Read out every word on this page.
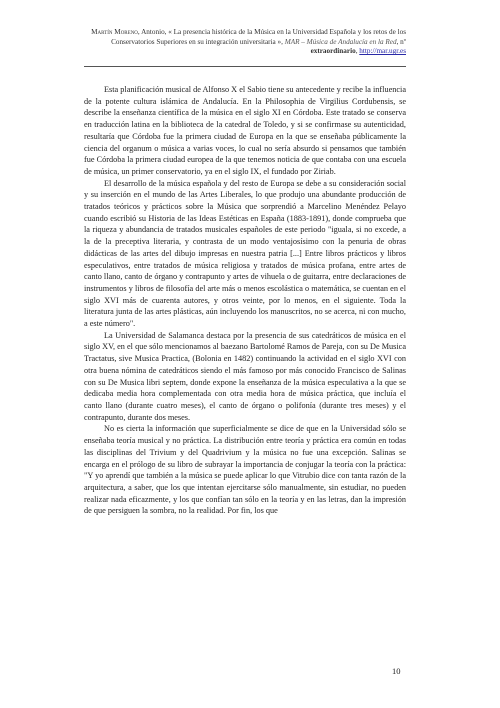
Martín Moreno, Antonio, « La presencia histórica de la Música en la Universidad Española y los retos de los Conservatorios Superiores en su integración universitaria », MAR – Música de Andalucía en la Red, nº extraordinario, http://mar.ugr.es

Esta planificación musical de Alfonso X el Sabio tiene su antecedente y recibe la influencia de la potente cultura islámica de Andalucía. En la Philosophia de Virgilius Cordubensis, se describe la enseñanza científica de la música en el siglo XI en Córdoba. Este tratado se conserva en traducción latina en la biblioteca de la catedral de Toledo, y si se confirmase su autenticidad, resultaría que Córdoba fue la primera ciudad de Europa en la que se enseñaba públicamente la ciencia del organum o música a varias voces, lo cual no sería absurdo si pensamos que también fue Córdoba la primera ciudad europea de la que tenemos noticia de que contaba con una escuela de música, un primer conservatorio, ya en el siglo IX, el fundado por Ziriab.

El desarrollo de la música española y del resto de Europa se debe a su consideración social y su inserción en el mundo de las Artes Liberales, lo que produjo una abundante producción de tratados teóricos y prácticos sobre la Música que sorprendió a Marcelino Menéndez Pelayo cuando escribió su Historia de las Ideas Estéticas en España (1883-1891), donde comprueba que la riqueza y abundancia de tratados musicales españoles de este periodo "iguala, si no excede, a la de la preceptiva literaria, y contrasta de un modo ventajosísimo con la penuria de obras didácticas de las artes del dibujo impresas en nuestra patria [...] Entre libros prácticos y libros especulativos, entre tratados de música religiosa y tratados de música profana, entre artes de canto llano, canto de órgano y contrapunto y artes de vihuela o de guitarra, entre declaraciones de instrumentos y libros de filosofía del arte más o menos escolástica o matemática, se cuentan en el siglo XVI más de cuarenta autores, y otros veinte, por lo menos, en el siguiente. Toda la literatura junta de las artes plásticas, aún incluyendo los manuscritos, no se acerca, ni con mucho, a este número".

La Universidad de Salamanca destaca por la presencia de sus catedráticos de música en el siglo XV, en el que sólo mencionamos al baezano Bartolomé Ramos de Pareja, con su De Musica Tractatus, sive Musica Practica, (Bolonia en 1482) continuando la actividad en el siglo XVI con otra buena nómina de catedráticos siendo el más famoso por más conocido Francisco de Salinas con su De Musica libri septem, donde expone la enseñanza de la música especulativa a la que se dedicaba media hora complementada con otra media hora de música práctica, que incluía el canto llano (durante cuatro meses), el canto de órgano o polifonía (durante tres meses) y el contrapunto, durante dos meses.

No es cierta la información que superficialmente se dice de que en la Universidad sólo se enseñaba teoría musical y no práctica. La distribución entre teoría y práctica era común en todas las disciplinas del Trivium y del Quadrivium y la música no fue una excepción. Salinas se encarga en el prólogo de su libro de subrayar la importancia de conjugar la teoría con la práctica: "Y yo aprendí que también a la música se puede aplicar lo que Vitrubio dice con tanta razón de la arquitectura, a saber, que los que intentan ejercitarse sólo manualmente, sin estudiar, no pueden realizar nada eficazmente, y los que confían tan sólo en la teoría y en las letras, dan la impresión de que persiguen la sombra, no la realidad. Por fin, los que

10
